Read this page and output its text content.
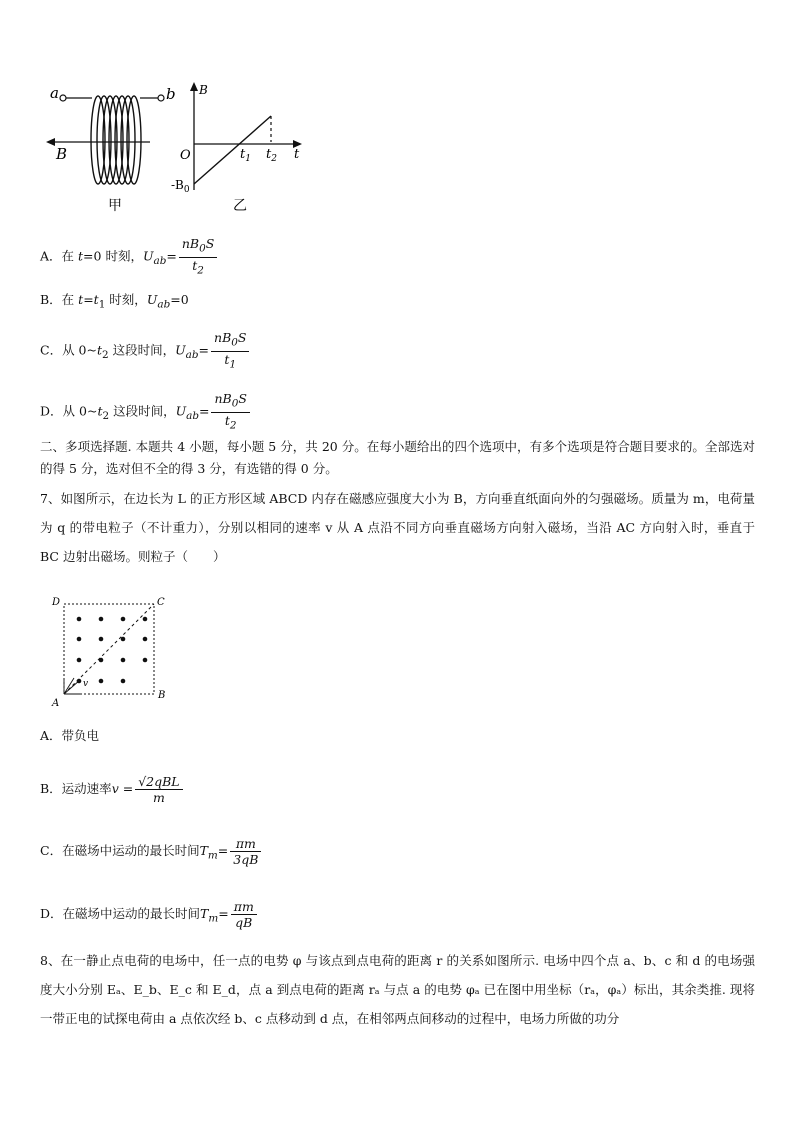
a	b
B
甲
B
t
O
$-B_0$
$t_1$ $t_2$
乙
A．在 t=0 时刻，$U_{ab}= \frac{nB_0S}{t_2}$
B．在 $t=t_1$ 时刻，$U_{ab}=0$
C．从 $0\sim t_2$ 这段时间，$U_{ab}= \frac{nB_0S}{t_1}$
D．从 $0\sim t_2$ 这段时间，$U_{ab}= \frac{nB_0S}{t_2}$
二、多项选择题. 本题共 4 小题，每小题 5 分，共 20 分。在每小题给出的四个选项中，有多个选项是符合题目要求的。全部选对的得 5 分，选对但不全的得 3 分，有选错的得 0 分。
7、如图所示，在边长为 L 的正方形区域 ABCD 内存在磁感应强度大小为 B，方向垂直纸面向外的匀强磁场。质量为 m，电荷量为 q 的带电粒子（不计重力），分别以相同的速率 v 从 A 点沿不同方向垂直磁场方向射入磁场，当沿 AC 方向射入时，垂直于 BC 边射出磁场。则粒子（　　）
A
B
C
D
v
A．带负电
B．运动速率$v = \frac{\text{√2qBL}}{m}$
C．在磁场中运动的最长时间$T_m= \frac{\pi m}{3qB}$
D．在磁场中运动的最长时间$T_m= \frac{\pi m}{qB}$
8、在一静止点电荷的电场中，任一点的电势 φ 与该点到点电荷的距离 r 的关系如图所示. 电场中四个点 a、b、c 和 d 的电场强度大小分别 Eₐ、E_b、E_c 和 E_d，点 a 到点电荷的距离 rₐ 与点 a 的电势 φₐ 已在图中用坐标（rₐ，φₐ）标出，其余类推. 现将一带正电的试探电荷由 a 点依次经 b、c 点移动到 d 点，在相邻两点间移动的过程中，电场力所做的功分
